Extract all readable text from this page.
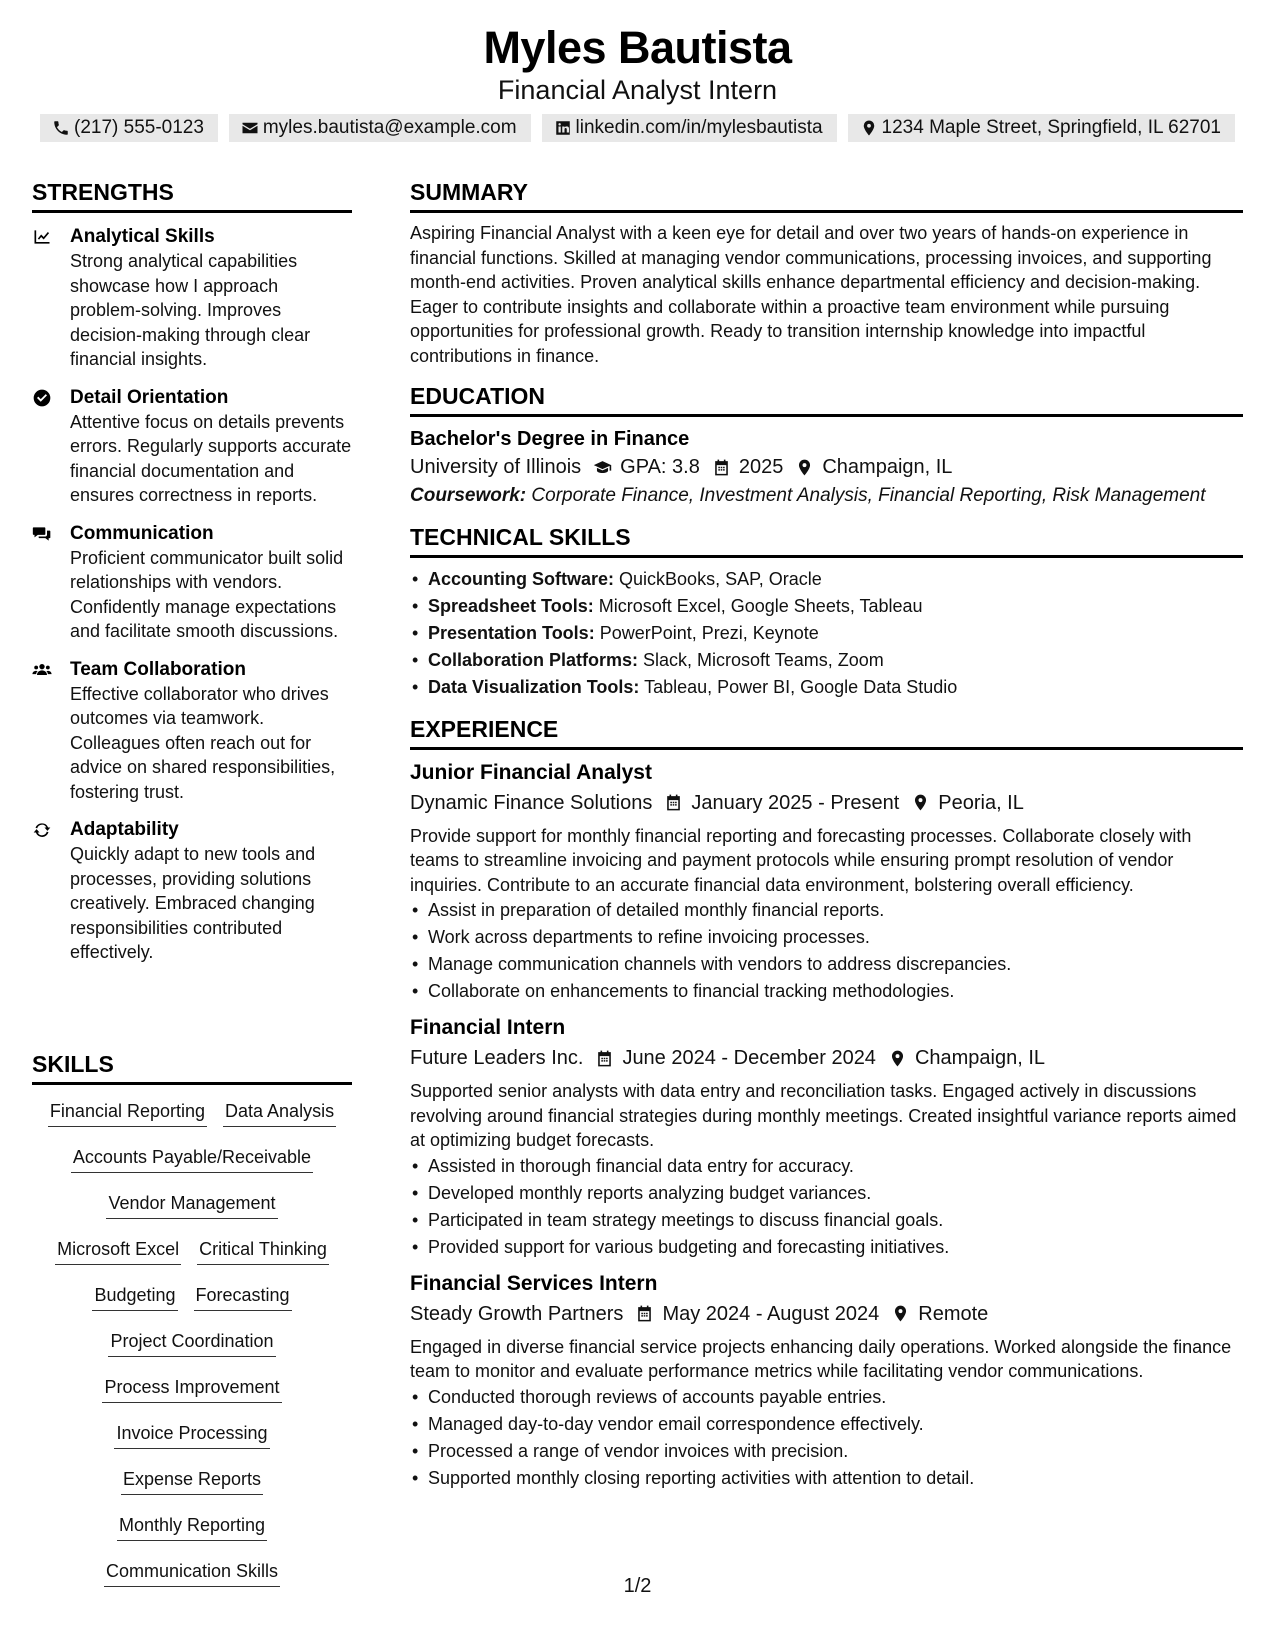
Myles Bautista
Financial Analyst Intern
(217) 555-0123	myles.bautista@example.com	linkedin.com/in/mylesbautista	1234 Maple Street, Springfield, IL 62701
STRENGTHS
Analytical Skills
Strong analytical capabilities showcase how I approach problem-solving. Improves decision-making through clear financial insights.
Detail Orientation
Attentive focus on details prevents errors. Regularly supports accurate financial documentation and ensures correctness in reports.
Communication
Proficient communicator built solid relationships with vendors. Confidently manage expectations and facilitate smooth discussions.
Team Collaboration
Effective collaborator who drives outcomes via teamwork. Colleagues often reach out for advice on shared responsibilities, fostering trust.
Adaptability
Quickly adapt to new tools and processes, providing solutions creatively. Embraced changing responsibilities contributed effectively.
SKILLS
Financial Reporting Data Analysis
Accounts Payable/Receivable
Vendor Management
Microsoft Excel Critical Thinking
Budgeting Forecasting
Project Coordination
Process Improvement
Invoice Processing
Expense Reports
Monthly Reporting
Communication Skills
SUMMARY
Aspiring Financial Analyst with a keen eye for detail and over two years of hands-on experience in financial functions. Skilled at managing vendor communications, processing invoices, and supporting month-end activities. Proven analytical skills enhance departmental efficiency and decision-making. Eager to contribute insights and collaborate within a proactive team environment while pursuing opportunities for professional growth. Ready to transition internship knowledge into impactful contributions in finance.
EDUCATION
Bachelor's Degree in Finance
University of Illinois GPA: 3.8 2025 Champaign, IL
Coursework: Corporate Finance, Investment Analysis, Financial Reporting, Risk Management
TECHNICAL SKILLS
• Accounting Software: QuickBooks, SAP, Oracle
• Spreadsheet Tools: Microsoft Excel, Google Sheets, Tableau
• Presentation Tools: PowerPoint, Prezi, Keynote
• Collaboration Platforms: Slack, Microsoft Teams, Zoom
• Data Visualization Tools: Tableau, Power BI, Google Data Studio
EXPERIENCE
Junior Financial Analyst
Dynamic Finance Solutions January 2025 - Present Peoria, IL
Provide support for monthly financial reporting and forecasting processes. Collaborate closely with teams to streamline invoicing and payment protocols while ensuring prompt resolution of vendor inquiries. Contribute to an accurate financial data environment, bolstering overall efficiency.
• Assist in preparation of detailed monthly financial reports.
• Work across departments to refine invoicing processes.
• Manage communication channels with vendors to address discrepancies.
• Collaborate on enhancements to financial tracking methodologies.
Financial Intern
Future Leaders Inc. June 2024 - December 2024 Champaign, IL
Supported senior analysts with data entry and reconciliation tasks. Engaged actively in discussions revolving around financial strategies during monthly meetings. Created insightful variance reports aimed at optimizing budget forecasts.
• Assisted in thorough financial data entry for accuracy.
• Developed monthly reports analyzing budget variances.
• Participated in team strategy meetings to discuss financial goals.
• Provided support for various budgeting and forecasting initiatives.
Financial Services Intern
Steady Growth Partners May 2024 - August 2024 Remote
Engaged in diverse financial service projects enhancing daily operations. Worked alongside the finance team to monitor and evaluate performance metrics while facilitating vendor communications.
• Conducted thorough reviews of accounts payable entries.
• Managed day-to-day vendor email correspondence effectively.
• Processed a range of vendor invoices with precision.
• Supported monthly closing reporting activities with attention to detail.
1/2
